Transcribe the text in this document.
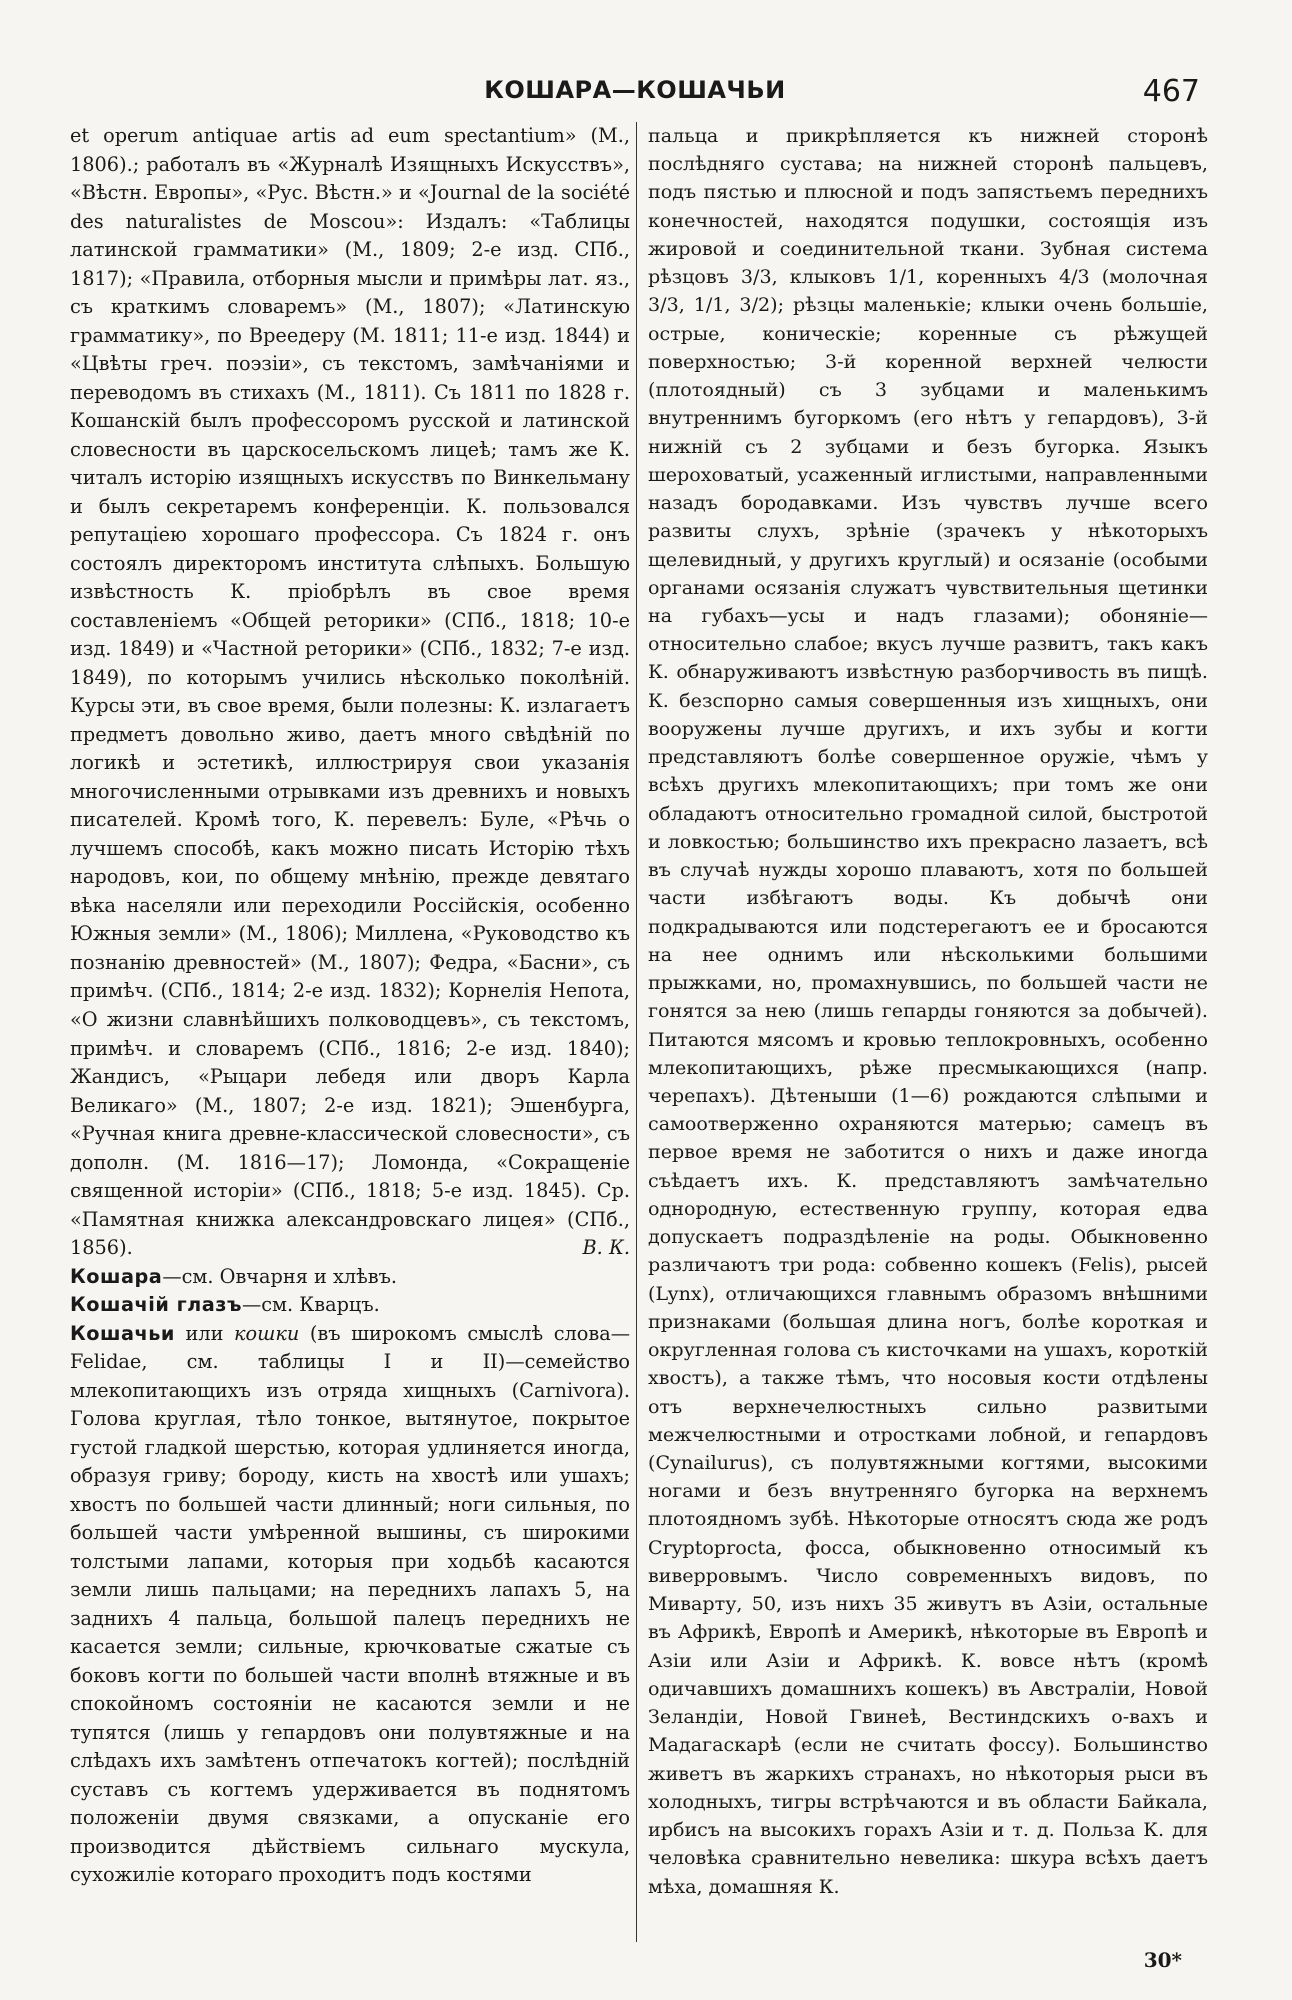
КОШАРА—КОШАЧЬИ	467

et operum antiquae artis ad eum spectantium» (М., 1806).; работалъ въ «Журналѣ Изящныхъ Искусствъ», «Вѣстн. Европы», «Рус. Вѣстн.» и «Journal de la société des naturalistes de Moscou»: Издалъ: «Таблицы латинской грамматики» (М., 1809; 2-е изд. СПб., 1817); «Правила, отборныя мысли и примѣры лат. яз., съ краткимъ словаремъ» (М., 1807); «Латинскую грамматику», по Вреедеру (М. 1811; 11-е изд. 1844) и «Цвѣты греч. поэзіи», съ текстомъ, замѣчаніями и переводомъ въ стихахъ (М., 1811). Съ 1811 по 1828 г. Кошанскій былъ профессоромъ русской и латинской словесности въ царскосельскомъ лицеѣ; тамъ же К. читалъ исторію изящныхъ искусствъ по Винкельману и былъ секретаремъ конференціи. К. пользовался репутаціею хорошаго профессора. Съ 1824 г. онъ состоялъ директоромъ института слѣпыхъ. Большую извѣстность К. пріобрѣлъ въ свое время составленіемъ «Общей реторики» (СПб., 1818; 10-е изд. 1849) и «Частной реторики» (СПб., 1832; 7-е изд. 1849), по которымъ учились нѣсколько поколѣній. Курсы эти, въ свое время, были полезны: К. излагаетъ предметъ довольно живо, даетъ много свѣдѣній по логикѣ и эстетикѣ, иллюстрируя свои указанія многочисленными отрывками изъ древнихъ и новыхъ писателей. Кромѣ того, К. перевелъ: Буле, «Рѣчь о лучшемъ способѣ, какъ можно писать Исторію тѣхъ народовъ, кои, по общему мнѣнію, прежде девятаго вѣка населяли или переходили Россійскія, особенно Южныя земли» (М., 1806); Миллена, «Руководство къ познанію древностей» (М., 1807); Федра, «Басни», съ примѣч. (СПб., 1814; 2-е изд. 1832); Корнелія Непота, «О жизни славнѣйшихъ полководцевъ», съ текстомъ, примѣч. и словаремъ (СПб., 1816; 2-е изд. 1840); Жандисъ, «Рыцари лебедя или дворъ Карла Великаго» (М., 1807; 2-е изд. 1821); Эшенбурга, «Ручная книга древне-классической словесности», съ дополн. (М. 1816—17); Ломонда, «Сокращеніе священной исторіи» (СПб., 1818; 5-е изд. 1845). Ср. «Памятная книжка александровскаго лицея» (СПб., 1856).	В. К.

Кошара—см. Овчарня и хлѣвъ.

Кошачій глазъ—см. Кварцъ.

Кошачьи или кошки (въ широкомъ смыслѣ слова—Felidae, см. таблицы I и II)—семейство млекопитающихъ изъ отряда хищныхъ (Carnivora). Голова круглая, тѣло тонкое, вытянутое, покрытое густой гладкой шерстью, которая удлиняется иногда, образуя гриву; бороду, кисть на хвостѣ или ушахъ; хвостъ по большей части длинный; ноги сильныя, по большей части умѣренной вышины, съ широкими толстыми лапами, которыя при ходьбѣ касаются земли лишь пальцами; на переднихъ лапахъ 5, на заднихъ 4 пальца, большой палецъ переднихъ не касается земли; сильные, крючковатые сжатые съ боковъ когти по большей части вполнѣ втяжные и въ спокойномъ состояніи не касаются земли и не тупятся (лишь у гепардовъ они полувтяжные и на слѣдахъ ихъ замѣтенъ отпечатокъ когтей); послѣдній суставъ съ когтемъ удерживается въ поднятомъ положеніи двумя связками, а опусканіе его производится дѣйствіемъ сильнаго мускула, сухожиліе котораго проходитъ подъ костями

пальца и прикрѣпляется къ нижней сторонѣ послѣдняго сустава; на нижней сторонѣ пальцевъ, подъ пястью и плюсной и подъ запястьемъ переднихъ конечностей, находятся подушки, состоящія изъ жировой и соединительной ткани. Зубная система рѣзцовъ 3/3, клыковъ 1/1, коренныхъ 4/3 (молочная 3/3, 1/1, 3/2); рѣзцы маленькіе; клыки очень большіе, острые, коническіе; коренные съ рѣжущей поверхностью; 3-й коренной верхней челюсти (плотоядный) съ 3 зубцами и маленькимъ внутреннимъ бугоркомъ (его нѣтъ у гепардовъ), 3-й нижній съ 2 зубцами и безъ бугорка. Языкъ шероховатый, усаженный иглистыми, направленными назадъ бородавками. Изъ чувствъ лучше всего развиты слухъ, зрѣніе (зрачекъ у нѣкоторыхъ щелевидный, у другихъ круглый) и осязаніе (особыми органами осязанія служатъ чувствительныя щетинки на губахъ—усы и надъ глазами); обоняніе—относительно слабое; вкусъ лучше развитъ, такъ какъ К. обнаруживаютъ извѣстную разборчивость въ пищѣ. К. безспорно самыя совершенныя изъ хищныхъ, они вооружены лучше другихъ, и ихъ зубы и когти представляютъ болѣе совершенное оружіе, чѣмъ у всѣхъ другихъ млекопитающихъ; при томъ же они обладаютъ относительно громадной силой, быстротой и ловкостью; большинство ихъ прекрасно лазаетъ, всѣ въ случаѣ нужды хорошо плаваютъ, хотя по большей части избѣгаютъ воды. Къ добычѣ они подкрадываются или подстерегаютъ ее и бросаются на нее однимъ или нѣсколькими большими прыжками, но, промахнувшись, по большей части не гонятся за нею (лишь гепарды гоняются за добычей). Питаются мясомъ и кровью теплокровныхъ, особенно млекопитающихъ, рѣже пресмыкающихся (напр. черепахъ). Дѣтеныши (1—6) рождаются слѣпыми и самоотверженно охраняются матерью; самецъ въ первое время не заботится о нихъ и даже иногда съѣдаетъ ихъ. К. представляютъ замѣчательно однородную, естественную группу, которая едва допускаетъ подраздѣленіе на роды. Обыкновенно различаютъ три рода: собвенно кошекъ (Felis), рысей (Lynx), отличающихся главнымъ образомъ внѣшними признаками (большая длина ногъ, болѣе короткая и округленная голова съ кисточками на ушахъ, короткій хвостъ), а также тѣмъ, что носовыя кости отдѣлены отъ верхнечелюстныхъ сильно развитыми межчелюстными и отростками лобной, и гепардовъ (Cynailurus), съ полувтяжными когтями, высокими ногами и безъ внутренняго бугорка на верхнемъ плотоядномъ зубѣ. Нѣкоторые относятъ сюда же родъ Cryptoprocta, фосса, обыкновенно относимый къ виверровымъ. Число современныхъ видовъ, по Миварту, 50, изъ нихъ 35 живутъ въ Азіи, остальные въ Африкѣ, Европѣ и Америкѣ, нѣкоторые въ Европѣ и Азіи или Азіи и Африкѣ. К. вовсе нѣтъ (кромѣ одичавшихъ домашнихъ кошекъ) въ Австраліи, Новой Зеландіи, Новой Гвинеѣ, Вестиндскихъ о-вахъ и Мадагаскарѣ (если не считать фоссу). Большинство живетъ въ жаркихъ странахъ, но нѣкоторыя рыси въ холодныхъ, тигры встрѣчаются и въ области Байкала, ирбисъ на высокихъ горахъ Азіи и т. д. Польза К. для человѣка сравнительно невелика: шкура всѣхъ даетъ мѣха, домашняя К.

30*
